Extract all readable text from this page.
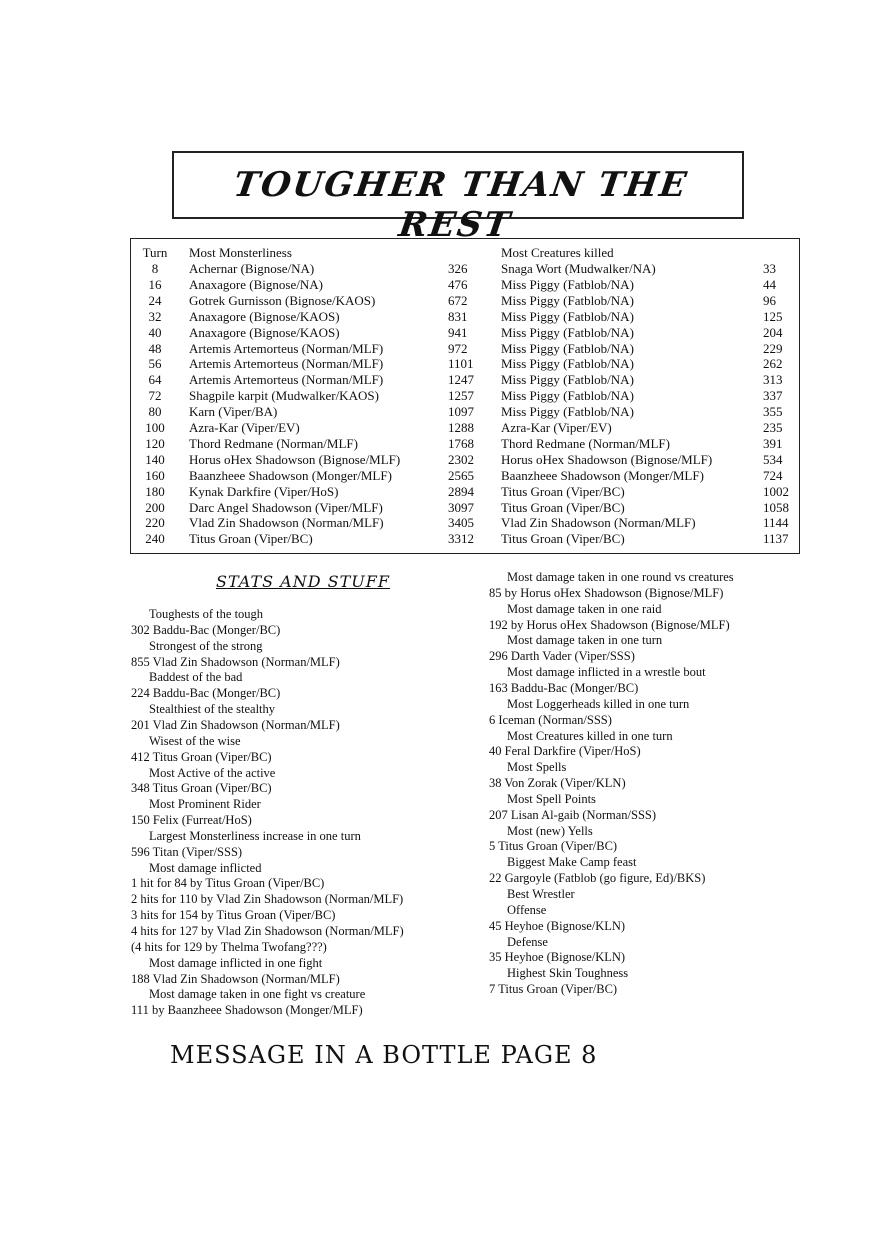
TOUGHER THAN THE REST
Turn	Most Monsterliness	Most Creatures killed
8	Achernar (Bignose/NA)	326	Snaga Wort (Mudwalker/NA)	33
16	Anaxagore (Bignose/NA)	476	Miss Piggy (Fatblob/NA)	44
24	Gotrek Gurnisson (Bignose/KAOS)	672	Miss Piggy (Fatblob/NA)	96
32	Anaxagore (Bignose/KAOS)	831	Miss Piggy (Fatblob/NA)	125
40	Anaxagore (Bignose/KAOS)	941	Miss Piggy (Fatblob/NA)	204
48	Artemis Artemorteus (Norman/MLF)	972	Miss Piggy (Fatblob/NA)	229
56	Artemis Artemorteus (Norman/MLF)	1101 Miss Piggy (Fatblob/NA)	262
64	Artemis Artemorteus (Norman/MLF)	1247 Miss Piggy (Fatblob/NA)	313
72	Shagpile karpit (Mudwalker/KAOS)	1257 Miss Piggy (Fatblob/NA)	337
80	Karn (Viper/BA)	1097 Miss Piggy (Fatblob/NA)	355
100	Azra-Kar (Viper/EV)	1288 Azra-Kar (Viper/EV)	235
120	Thord Redmane (Norman/MLF)	1768 Thord Redmane (Norman/MLF)	391
140	Horus oHex Shadowson (Bignose/MLF)	2302 Horus oHex Shadowson (Bignose/MLF)	534
160	Baanzheee Shadowson (Monger/MLF)	2565 Baanzheee Shadowson (Monger/MLF)	724
180	Kynak Darkfire (Viper/HoS)	2894 Titus Groan (Viper/BC)	1002
200	Darc Angel Shadowson (Viper/MLF)	3097 Titus Groan (Viper/BC)	1058
220	Vlad Zin Shadowson (Norman/MLF)	3405 Vlad Zin Shadowson (Norman/MLF)	1144
240	Titus Groan (Viper/BC)	3312 Titus Groan (Viper/BC)	1137
STATS AND STUFF
Toughests of the tough
302 Baddu-Bac (Monger/BC)
Strongest of the strong
855 Vlad Zin Shadowson (Norman/MLF)
Baddest of the bad
224 Baddu-Bac (Monger/BC)
Stealthiest of the stealthy
201 Vlad Zin Shadowson (Norman/MLF)
Wisest of the wise
412 Titus Groan (Viper/BC)
Most Active of the active
348 Titus Groan (Viper/BC)
Most Prominent Rider
150 Felix (Furreat/HoS)
Largest Monsterliness increase in one turn
596 Titan (Viper/SSS)
Most damage inflicted
1 hit for 84 by Titus Groan (Viper/BC)
2 hits for 110 by Vlad Zin Shadowson (Norman/MLF)
3 hits for 154 by Titus Groan (Viper/BC)
4 hits for 127 by Vlad Zin Shadowson (Norman/MLF)
(4 hits for 129 by Thelma Twofang???)
Most damage inflicted in one fight
188 Vlad Zin Shadowson (Norman/MLF)
Most damage taken in one fight vs creature
111 by Baanzheee Shadowson (Monger/MLF)
Most damage taken in one round vs creatures
85 by Horus oHex Shadowson (Bignose/MLF)
Most damage taken in one raid
192 by Horus oHex Shadowson (Bignose/MLF)
Most damage taken in one turn
296 Darth Vader (Viper/SSS)
Most damage inflicted in a wrestle bout
163 Baddu-Bac (Monger/BC)
Most Loggerheads killed in one turn
6 Iceman (Norman/SSS)
Most Creatures killed in one turn
40 Feral Darkfire (Viper/HoS)
Most Spells
38 Von Zorak (Viper/KLN)
Most Spell Points
207 Lisan Al-gaib (Norman/SSS)
Most (new) Yells
5 Titus Groan (Viper/BC)
Biggest Make Camp feast
22 Gargoyle (Fatblob (go figure, Ed)/BKS)
Best Wrestler
Offense
45 Heyhoe (Bignose/KLN)
Defense
35 Heyhoe (Bignose/KLN)
Highest Skin Toughness
7 Titus Groan (Viper/BC)
MESSAGE IN A BOTTLE PAGE 8
